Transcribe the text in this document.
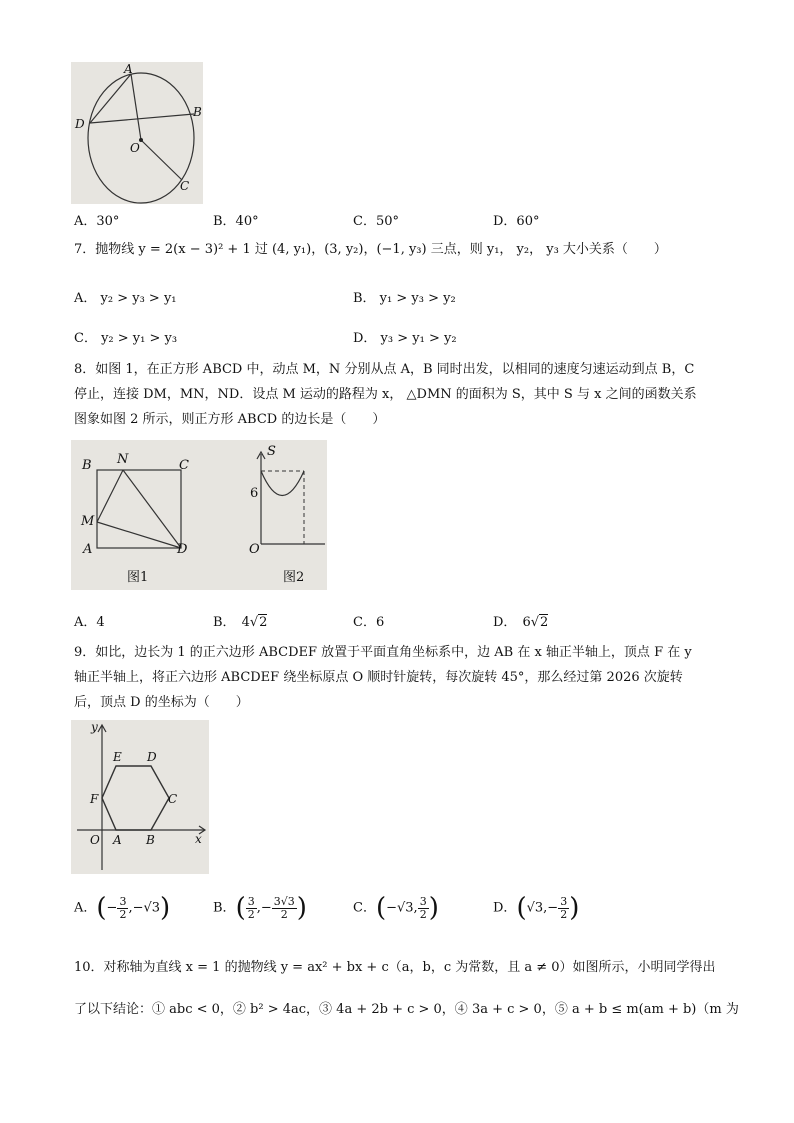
A
B
D
O
C
A．30°	B．40°	C．50°	D．60°
7．抛物线 y = 2(x − 3)² + 1 过 (4, y₁)，(3, y₂)，(−1, y₃) 三点，则 y₁， y₂， y₃ 大小关系（　　）
A． y₂ > y₃ > y₁	B． y₁ > y₃ > y₂
C． y₂ > y₁ > y₃	D． y₃ > y₁ > y₂
8．如图 1，在正方形 ABCD 中，动点 M，N 分别从点 A，B 同时出发，以相同的速度匀速运动到点 B，C
停止，连接 DM，MN，ND．设点 M 运动的路程为 x， △DMN 的面积为 S，其中 S 与 x 之间的函数关系
图象如图 2 所示，则正方形 ABCD 的边长是（　　）
B N	C
M
A	D
图1
S
6
O
图2
A．4	B． 4√2	C．6	D． 6√2
9．如比，边长为 1 的正六边形 ABCDEF 放置于平面直角坐标系中，边 AB 在 x 轴正半轴上，顶点 F 在 y
轴正半轴上，将正六边形 ABCDEF 绕坐标原点 O 顺时针旋转，每次旋转 45°，那么经过第 2026 次旋转
后，顶点 D 的坐标为（　　）
y
E D
F	C
O A B	x
A．(− $\frac{3}{2} ,-√3$)	B．( $\frac{3}{2}$ ,− $\frac{3√3}{2}$ )	C．(−√3, $\frac{3}{2}$ )	D．($√3,- \frac{3}{2}$ )
10．对称轴为直线 x = 1 的抛物线 y = ax² + bx + c（a，b，c 为常数，且 a ≠ 0）如图所示，小明同学得出
了以下结论：① abc < 0，② b² > 4ac，③ 4a + 2b + c > 0，④ 3a + c > 0，⑤ a + b ≤ m(am + b)（m 为
